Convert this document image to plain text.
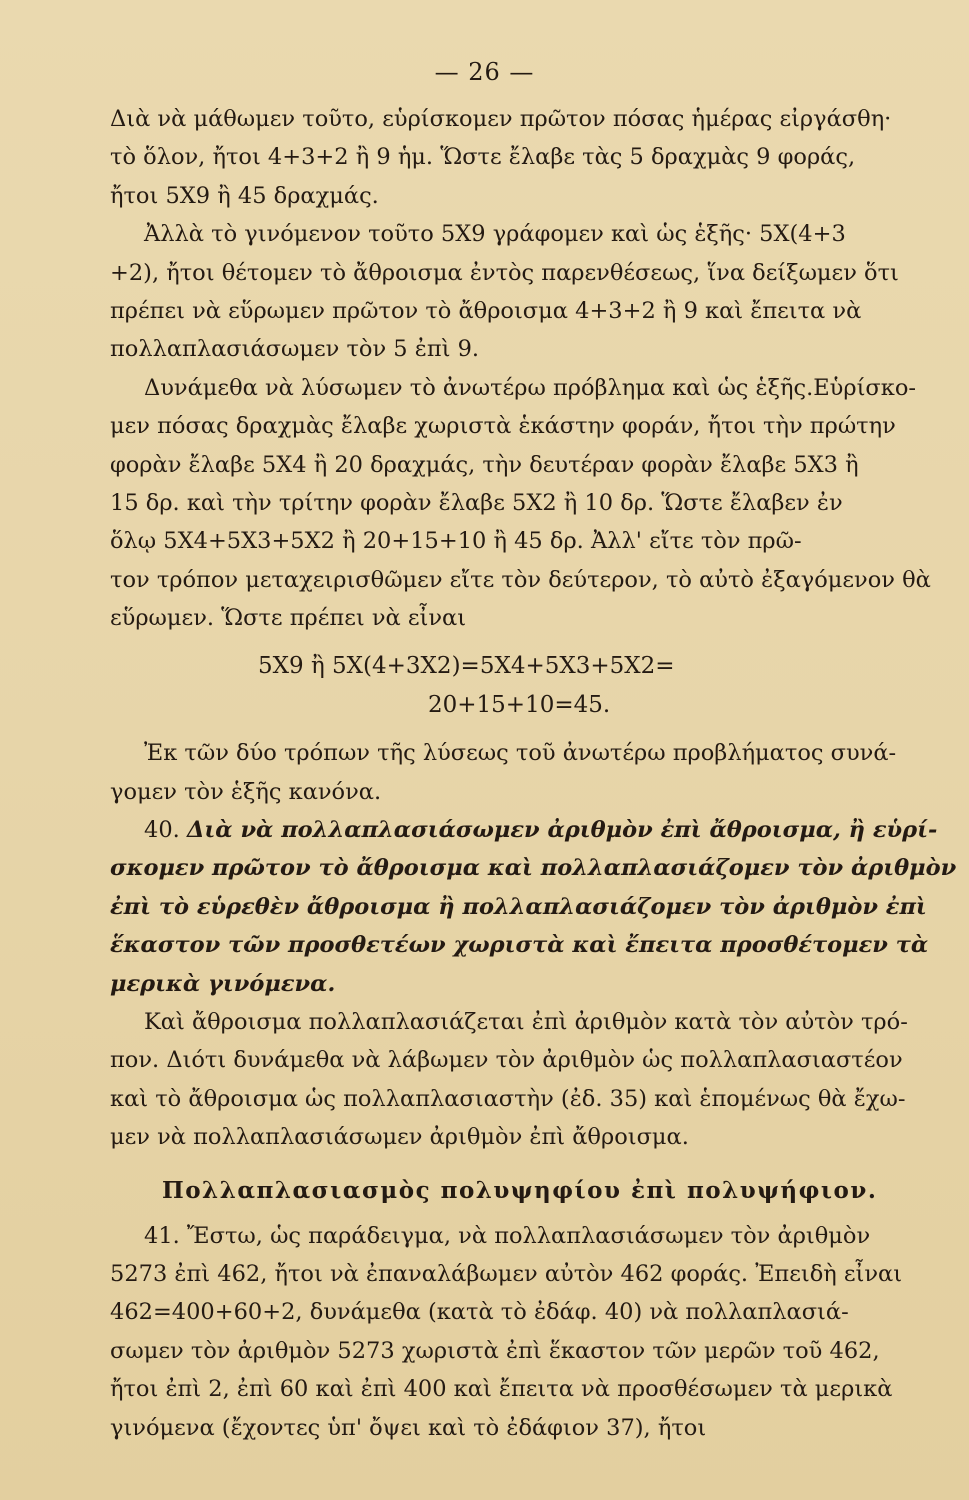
— 26 —
Διὰ νὰ μάθωμεν τοῦτο, εὑρίσκομεν πρῶτον πόσας ἡμέρας εἰργάσθη·
τὸ ὅλον, ἤτοι 4+3+2 ἢ 9 ἡμ. Ὥστε ἔλαβε τὰς 5 δραχμὰς 9 φοράς,
ἤτοι 5X9 ἢ 45 δραχμάς.
Ἀλλὰ τὸ γινόμενον τοῦτο 5X9 γράφομεν καὶ ὡς ἑξῆς· 5X(4+3
+2), ἤτοι θέτομεν τὸ ἄθροισμα ἐντὸς παρενθέσεως, ἵνα δείξωμεν ὅτι
πρέπει νὰ εὕρωμεν πρῶτον τὸ ἄθροισμα 4+3+2 ἢ 9 καὶ ἔπειτα νὰ
πολλαπλασιάσωμεν τὸν 5 ἐπὶ 9.
Δυνάμεθα νὰ λύσωμεν τὸ ἀνωτέρω πρόβλημα καὶ ὡς ἑξῆς.Εὑρίσκο-
μεν πόσας δραχμὰς ἔλαβε χωριστὰ ἑκάστην φοράν, ἤτοι τὴν πρώτην
φορὰν ἔλαβε 5X4 ἢ 20 δραχμάς, τὴν δευτέραν φορὰν ἔλαβε 5X3 ἢ
15 δρ. καὶ τὴν τρίτην φορὰν ἔλαβε 5X2 ἢ 10 δρ. Ὥστε ἔλαβεν ἐν
ὅλῳ 5X4+5X3+5X2 ἢ 20+15+10 ἢ 45 δρ. Ἀλλ' εἴτε τὸν πρῶ-
τον τρόπον μεταχειρισθῶμεν εἴτε τὸν δεύτερον, τὸ αὐτὸ ἐξαγόμενον θὰ
εὕρωμεν. Ὥστε πρέπει νὰ εἶναι
5X9 ἢ 5X(4+3X2)=5X4+5X3+5X2=
20+15+10=45.
Ἐκ τῶν δύο τρόπων τῆς λύσεως τοῦ ἀνωτέρω προβλήματος συνά-
γομεν τὸν ἑξῆς κανόνα.
40. Διὰ νὰ πολλαπλασιάσωμεν ἀριθμὸν ἐπὶ ἄθροισμα, ἢ εὑρί-
σκομεν πρῶτον τὸ ἄθροισμα καὶ πολλαπλασιάζομεν τὸν ἀριθμὸν
ἐπὶ τὸ εὑρεθὲν ἄθροισμα ἢ πολλαπλασιάζομεν τὸν ἀριθμὸν ἐπὶ
ἕκαστον τῶν προσθετέων χωριστὰ καὶ ἔπειτα προσθέτομεν τὰ
μερικὰ γινόμενα.
Καὶ ἄθροισμα πολλαπλασιάζεται ἐπὶ ἀριθμὸν κατὰ τὸν αὐτὸν τρό-
πον. Διότι δυνάμεθα νὰ λάβωμεν τὸν ἀριθμὸν ὡς πολλαπλασιαστέον
καὶ τὸ ἄθροισμα ὡς πολλαπλασιαστὴν (ἐδ. 35) καὶ ἑπομένως θὰ ἔχω-
μεν νὰ πολλαπλασιάσωμεν ἀριθμὸν ἐπὶ ἄθροισμα.
Πολλαπλασιασμὸς πολυψηφίου ἐπὶ πολυψήφιον.
41. Ἔστω, ὡς παράδειγμα, νὰ πολλαπλασιάσωμεν τὸν ἀριθμὸν
5273 ἐπὶ 462, ἤτοι νὰ ἐπαναλάβωμεν αὐτὸν 462 φοράς. Ἐπειδὴ εἶναι
462=400+60+2, δυνάμεθα (κατὰ τὸ ἐδάφ. 40) νὰ πολλαπλασιά-
σωμεν τὸν ἀριθμὸν 5273 χωριστὰ ἐπὶ ἕκαστον τῶν μερῶν τοῦ 462,
ἤτοι ἐπὶ 2, ἐπὶ 60 καὶ ἐπὶ 400 καὶ ἔπειτα νὰ προσθέσωμεν τὰ μερικὰ
γινόμενα (ἔχοντες ὑπ' ὄψει καὶ τὸ ἐδάφιον 37), ἤτοι
